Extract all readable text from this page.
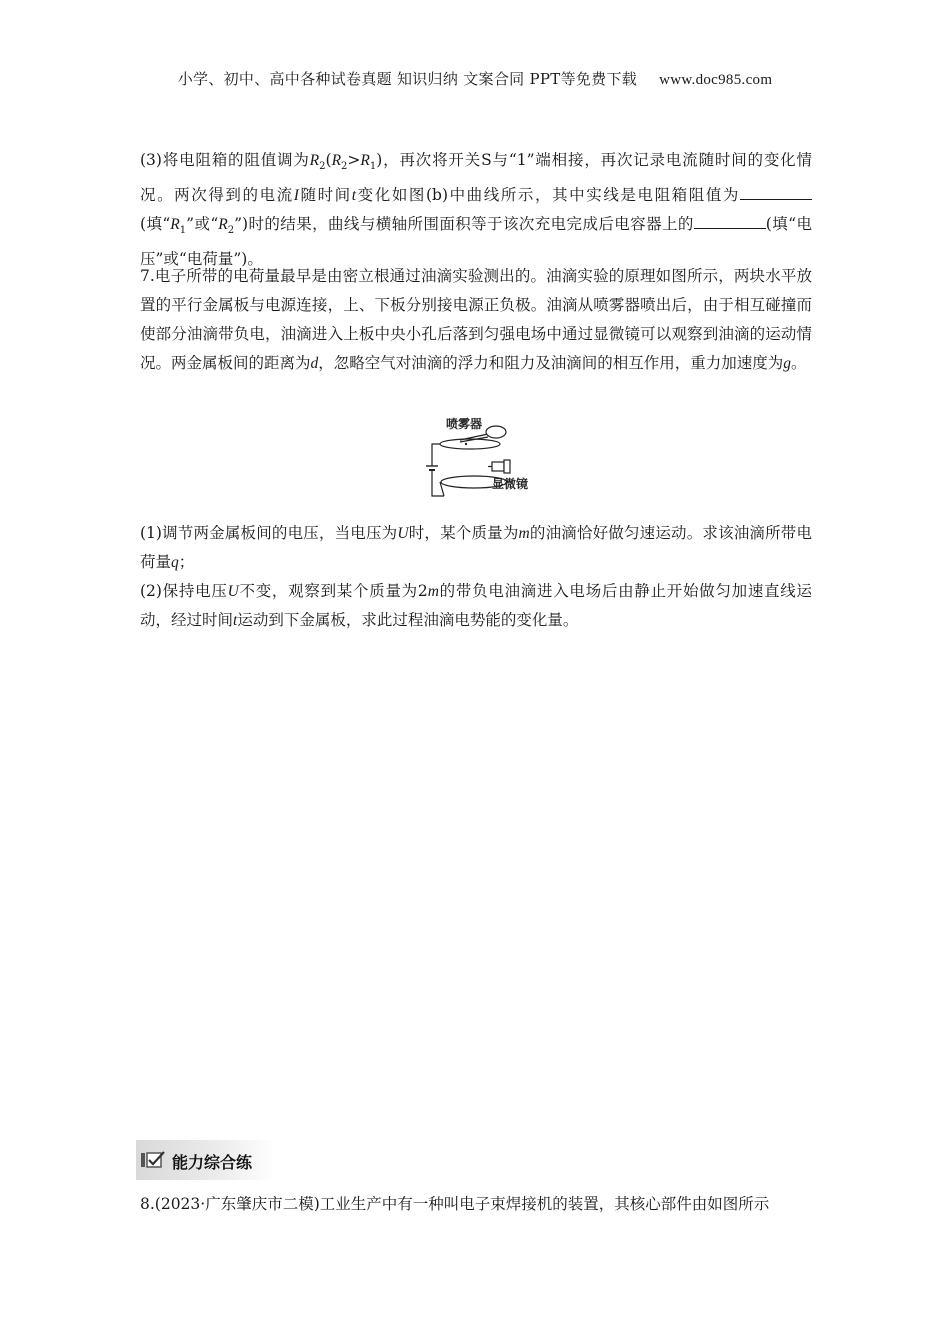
小学、初中、高中各种试卷真题 知识归纳 文案合同 PPT等免费下载 www.doc985.com
(3)将电阻箱的阻值调为$R_2(R_2>R_1)$，再次将开关S与“1”端相接，再次记录电流随时间的变化情况。两次得到的电流I随时间t变化如图(b)中曲线所示，其中实线是电阻箱阻值为(填“$R_1$”或“$R_2$”)时的结果，曲线与横轴所围面积等于该次充电完成后电容器上的	(填“电压”或“电荷量”)。
7.电子所带的电荷量最早是由密立根通过油滴实验测出的。油滴实验的原理如图所示，两块水平放置的平行金属板与电源连接，上、下板分别接电源正负极。油滴从喷雾器喷出后，由于相互碰撞而使部分油滴带负电，油滴进入上板中央小孔后落到匀强电场中通过显微镜可以观察到油滴的运动情况。两金属板间的距离为d，忽略空气对油滴的浮力和阻力及油滴间的相互作用，重力加速度为g。
喷雾器
显微镜
(1)调节两金属板间的电压，当电压为U时，某个质量为m的油滴恰好做匀速运动。求该油滴所带电荷量q；
(2)保持电压U不变，观察到某个质量为2m的带负电油滴进入电场后由静止开始做匀加速直线运动，经过时间t运动到下金属板，求此过程油滴电势能的变化量。
能力综合练
8.(2023·广东肇庆市二模)工业生产中有一种叫电子束焊接机的装置，其核心部件由如图所示
